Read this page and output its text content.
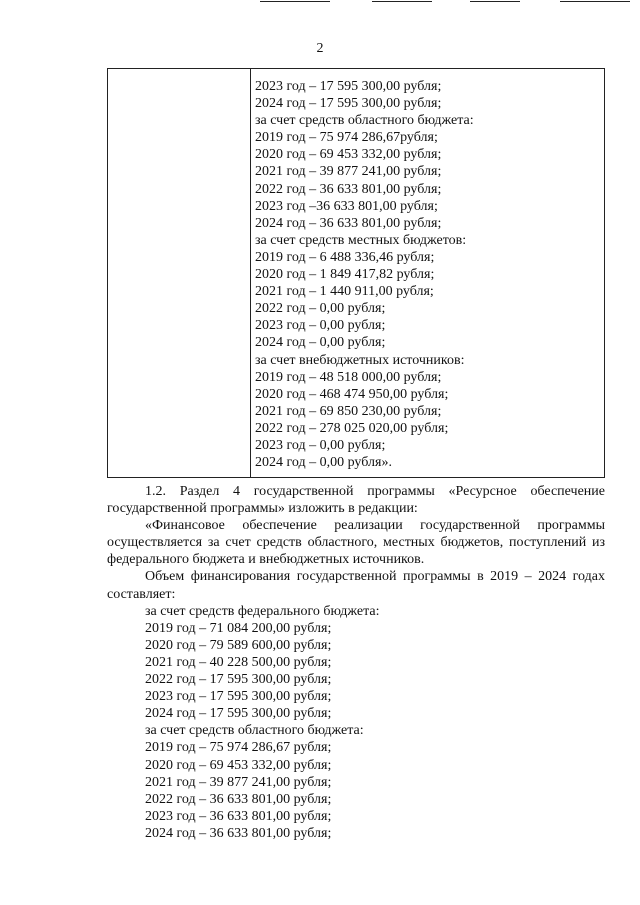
2
2023 год – 17 595 300,00 рубля;
2024 год – 17 595 300,00 рубля;
за счет средств областного бюджета:
2019 год – 75 974 286,67рубля;
2020 год – 69 453 332,00 рубля;
2021 год – 39 877 241,00 рубля;
2022 год – 36 633 801,00 рубля;
2023 год –36 633 801,00 рубля;
2024 год – 36 633 801,00 рубля;
за счет средств местных бюджетов:
2019 год – 6 488 336,46 рубля;
2020 год – 1 849 417,82 рубля;
2021 год – 1 440 911,00 рубля;
2022 год – 0,00 рубля;
2023 год – 0,00 рубля;
2024 год – 0,00 рубля;
за счет внебюджетных источников:
2019 год – 48 518 000,00 рубля;
2020 год – 468 474 950,00 рубля;
2021 год – 69 850 230,00 рубля;
2022 год – 278 025 020,00 рубля;
2023 год – 0,00 рубля;
2024 год – 0,00 рубля».

1.2. Раздел 4 государственной программы «Ресурсное обеспечение государственной программы» изложить в редакции:

«Финансовое обеспечение реализации государственной программы осуществляется за счет средств областного, местных бюджетов, поступлений из федерального бюджета и внебюджетных источников.

Объем финансирования государственной программы в 2019 – 2024 годах составляет:

за счет средств федерального бюджета:
2019 год – 71 084 200,00 рубля;
2020 год – 79 589 600,00 рубля;
2021 год – 40 228 500,00 рубля;
2022 год – 17 595 300,00 рубля;
2023 год – 17 595 300,00 рубля;
2024 год – 17 595 300,00 рубля;
за счет средств областного бюджета:
2019 год – 75 974 286,67 рубля;
2020 год – 69 453 332,00 рубля;
2021 год – 39 877 241,00 рубля;
2022 год – 36 633 801,00 рубля;
2023 год – 36 633 801,00 рубля;
2024 год – 36 633 801,00 рубля;
